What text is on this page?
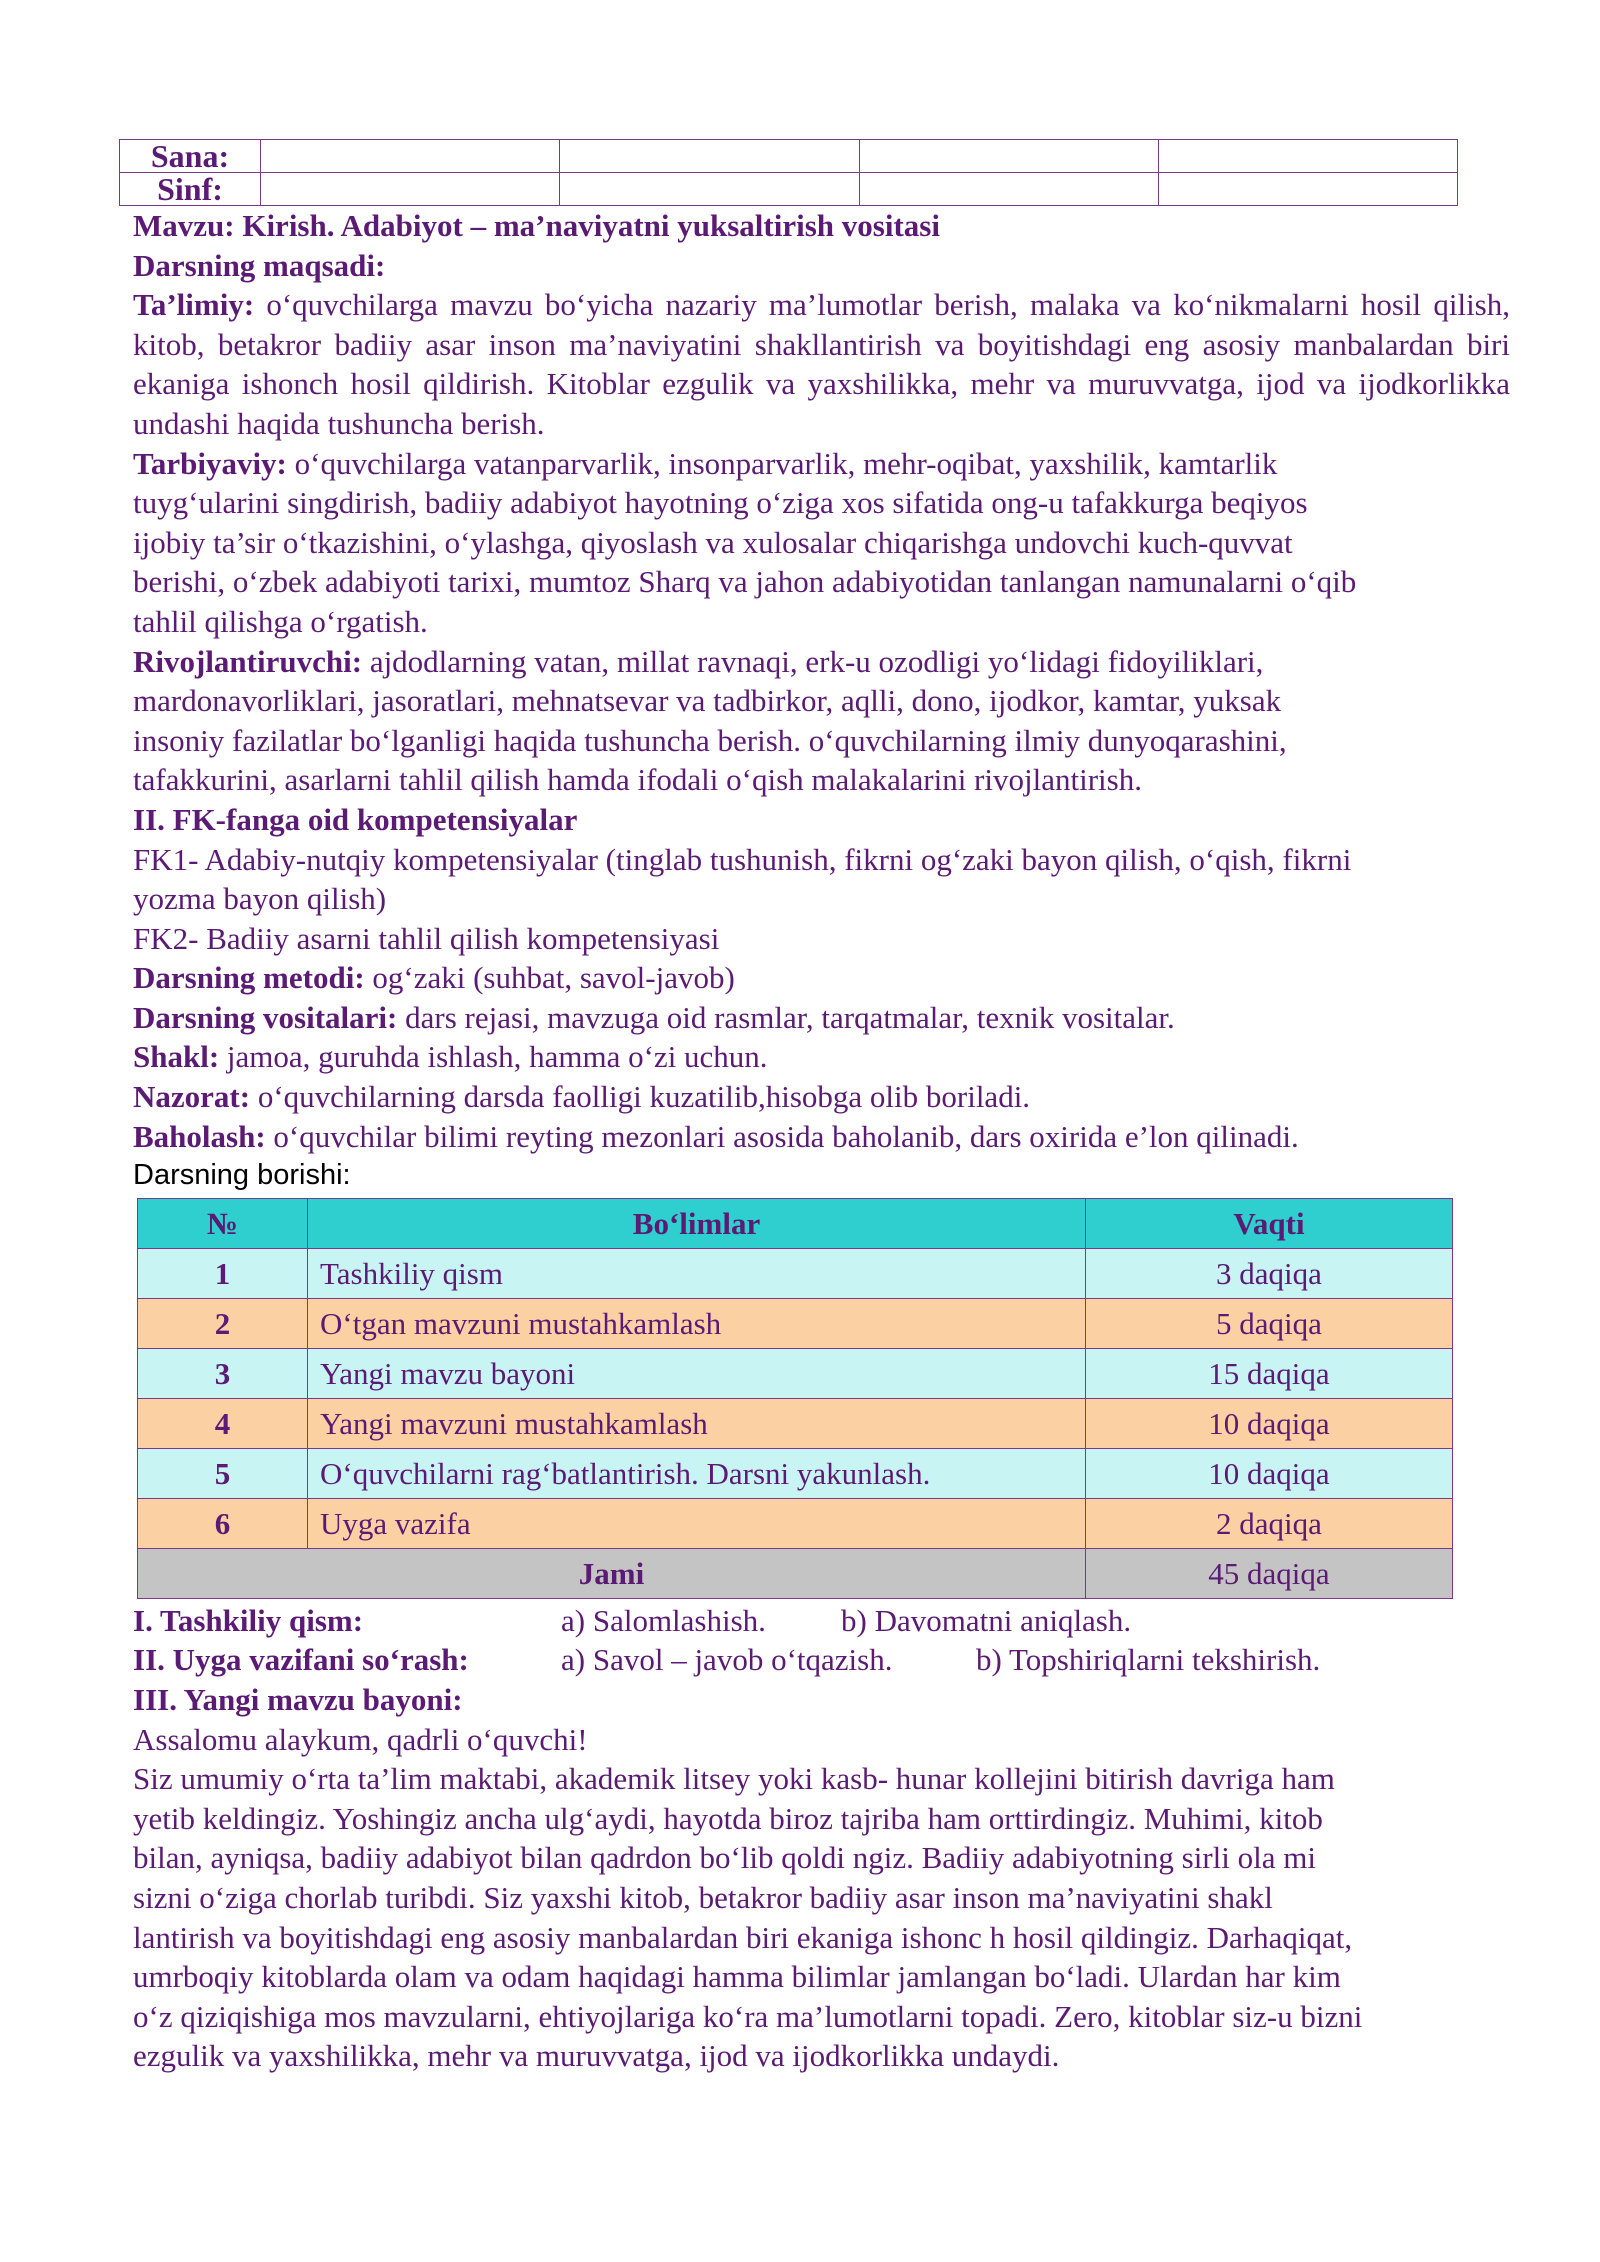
Sana:				
Sinf:				

Mavzu: Kirish. Adabiyot – ma’naviyatni yuksaltirish vositasi

Darsning maqsadi:

Ta’limiy: o‘quvchilarga mavzu bo‘yicha nazariy ma’lumotlar berish, malaka va ko‘nikmalarni hosil qilish, kitob, betakror badiiy asar inson ma’naviyatini shakllantirish va boyitishdagi eng asosiy manbalardan biri ekaniga ishonch hosil qildirish. Kitoblar ezgulik va yaxshilikka, mehr va muruvvatga, ijod va ijodkorlikka undashi haqida tushuncha berish.

Tarbiyaviy: o‘quvchilarga vatanparvarlik, insonparvarlik, mehr-oqibat, yaxshilik, kamtarlik

tuyg‘ularini singdirish, badiiy adabiyot hayotning o‘ziga xos sifatida ong-u tafakkurga beqiyos

ijobiy ta’sir o‘tkazishini, o‘ylashga, qiyoslash va xulosalar chiqarishga undovchi kuch-quvvat

berishi, o‘zbek adabiyoti tarixi, mumtoz Sharq va jahon adabiyotidan tanlangan namunalarni o‘qib

tahlil qilishga o‘rgatish.

Rivojlantiruvchi: ajdodlarning vatan, millat ravnaqi, erk-u ozodligi yo‘lidagi fidoyiliklari,

mardonavorliklari, jasoratlari, mehnatsevar va tadbirkor, aqlli, dono, ijodkor, kamtar, yuksak

insoniy fazilatlar bo‘lganligi haqida tushuncha berish. o‘quvchilarning ilmiy dunyoqarashini,

tafakkurini, asarlarni tahlil qilish hamda ifodali o‘qish malakalarini rivojlantirish.

II. FK-fanga oid kompetensiyalar

FK1- Adabiy-nutqiy kompetensiyalar (tinglab tushunish, fikrni og‘zaki bayon qilish, o‘qish, fikrni

yozma bayon qilish)

FK2- Badiiy asarni tahlil qilish kompetensiyasi

Darsning metodi: og‘zaki (suhbat, savol-javob)

Darsning vositalari: dars rejasi, mavzuga oid rasmlar, tarqatmalar, texnik vositalar.

Shakl: jamoa, guruhda ishlash, hamma o‘zi uchun.

Nazorat: o‘quvchilarning darsda faolligi kuzatilib,hisobga olib boriladi.

Baholash: o‘quvchilar bilimi reyting mezonlari asosida baholanib, dars oxirida e’lon qilinadi.

Darsning borishi:

№	Bo‘limlar	Vaqti
1	Tashkiliy qism	3 daqiqa
2	O‘tgan mavzuni mustahkamlash	5 daqiqa
3	Yangi mavzu bayoni	15 daqiqa
4	Yangi mavzuni mustahkamlash	10 daqiqa
5	O‘quvchilarni rag‘batlantirish. Darsni yakunlash.	10 daqiqa
6	Uyga vazifa	2 daqiqa
Jami		45 daqiqa
I. Tashkiliy qism:	a) Salomlashish.	b) Davomatni aniqlash.
II. Uyga vazifani so‘rash:	a) Savol – javob o‘tqazish.	b) Topshiriqlarni tekshirish.

III. Yangi mavzu bayoni:

Assalomu alaykum, qadrli o‘quvchi!

Siz umumiy o‘rta ta’lim maktabi, akademik litsey yoki kasb- hunar kollejini bitirish davriga ham

yetib keldingiz. Yoshingiz ancha ulg‘aydi, hayotda biroz tajriba ham orttirdingiz. Muhimi, kitob

bilan, ayniqsa, badiiy adabiyot bilan qadrdon bo‘lib qoldi ngiz. Badiiy adabiyotning sirli ola mi

sizni o‘ziga chorlab turibdi. Siz yaxshi kitob, betakror badiiy asar inson ma’naviyatini shakl

lantirish va boyitishdagi eng asosiy manbalardan biri ekaniga ishonc h hosil qildingiz. Darhaqiqat,

umrboqiy kitoblarda olam va odam haqidagi hamma bilimlar jamlangan bo‘ladi. Ulardan har kim

o‘z qiziqishiga mos mavzularni, ehtiyojlariga ko‘ra ma’lumotlarni topadi. Zero, kitoblar siz-u bizni

ezgulik va yaxshilikka, mehr va muruvvatga, ijod va ijodkorlikka undaydi.
